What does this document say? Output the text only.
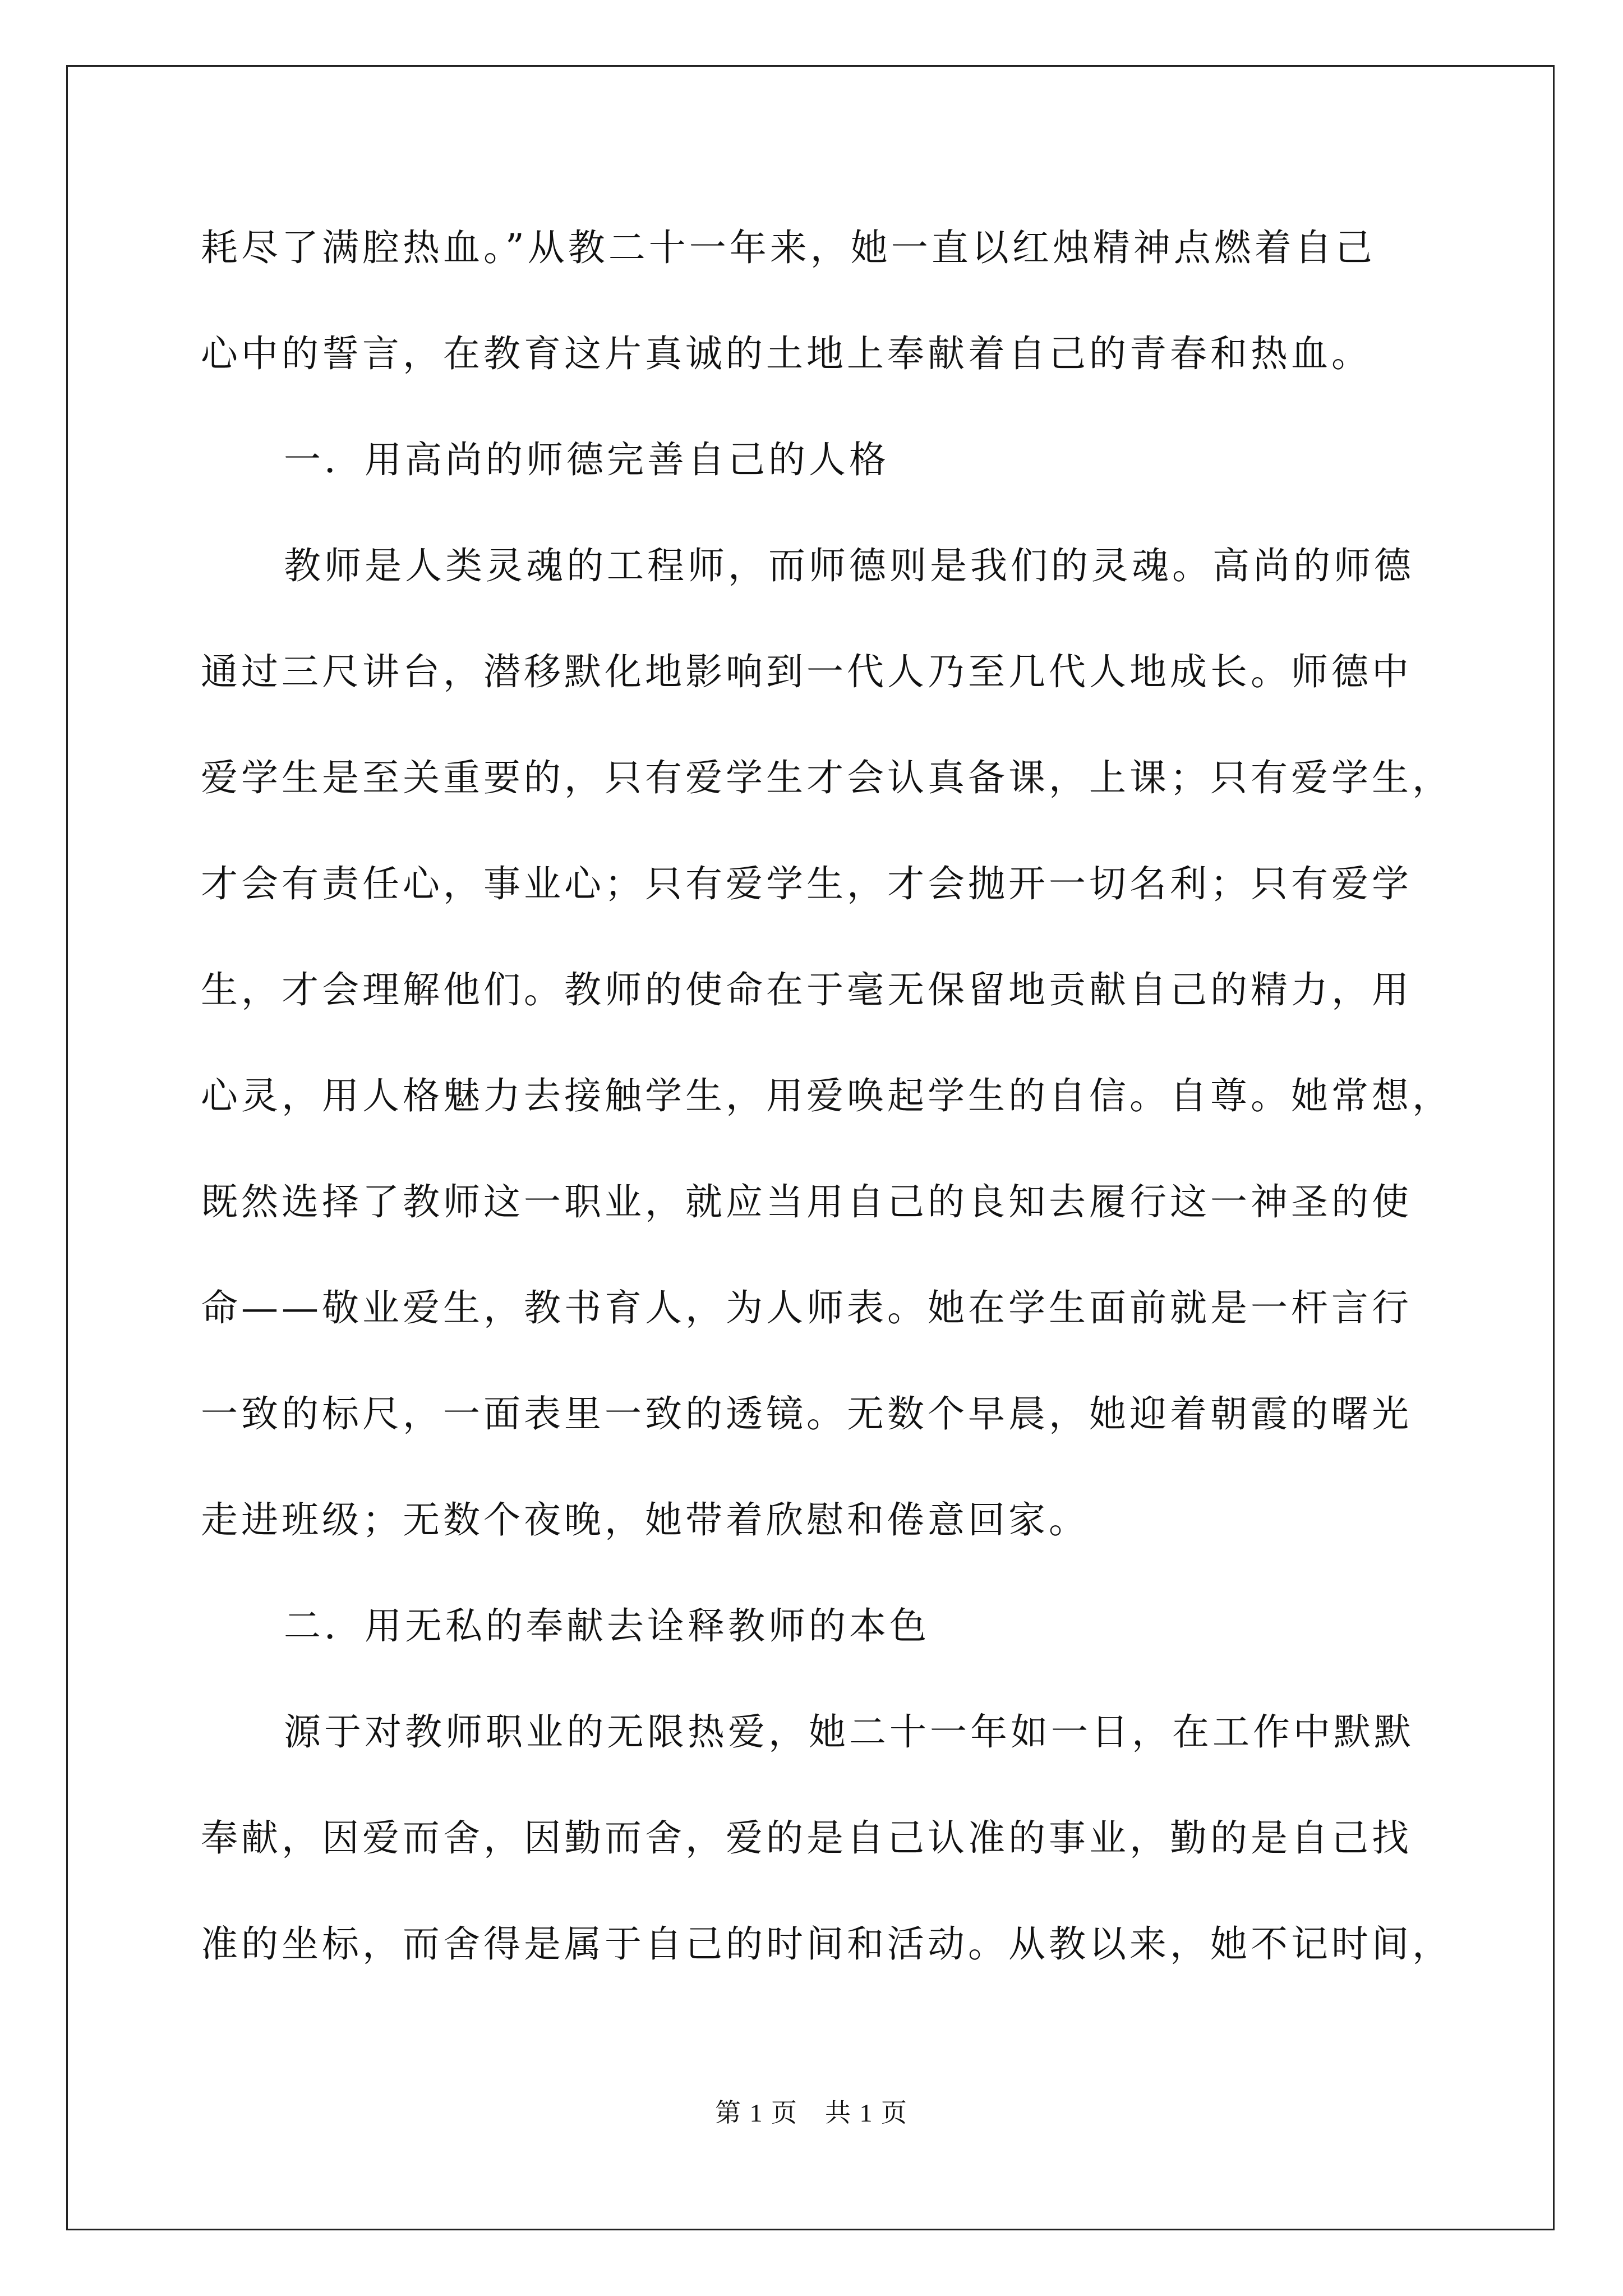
耗尽了满腔热血。”从教二十一年来，她一直以红烛精神点燃着自己
心中的誓言，在教育这片真诚的土地上奉献着自己的青春和热血。
一．用高尚的师德完善自己的人格
教师是人类灵魂的工程师，而师德则是我们的灵魂。高尚的师德
通过三尺讲台，潜移默化地影响到一代人乃至几代人地成长。师德中
爱学生是至关重要的，只有爱学生才会认真备课，上课；只有爱学生，
才会有责任心，事业心；只有爱学生，才会抛开一切名利；只有爱学
生，才会理解他们。教师的使命在于毫无保留地贡献自己的精力，用
心灵，用人格魅力去接触学生，用爱唤起学生的自信。自尊。她常想，
既然选择了教师这一职业，就应当用自己的良知去履行这一神圣的使
命——敬业爱生，教书育人，为人师表。她在学生面前就是一杆言行
一致的标尺，一面表里一致的透镜。无数个早晨，她迎着朝霞的曙光
走进班级；无数个夜晚，她带着欣慰和倦意回家。
二．用无私的奉献去诠释教师的本色
源于对教师职业的无限热爱，她二十一年如一日，在工作中默默
奉献，因爱而舍，因勤而舍，爱的是自己认准的事业，勤的是自己找
准的坐标，而舍得是属于自己的时间和活动。从教以来，她不记时间，
第 1 页　共 1 页
